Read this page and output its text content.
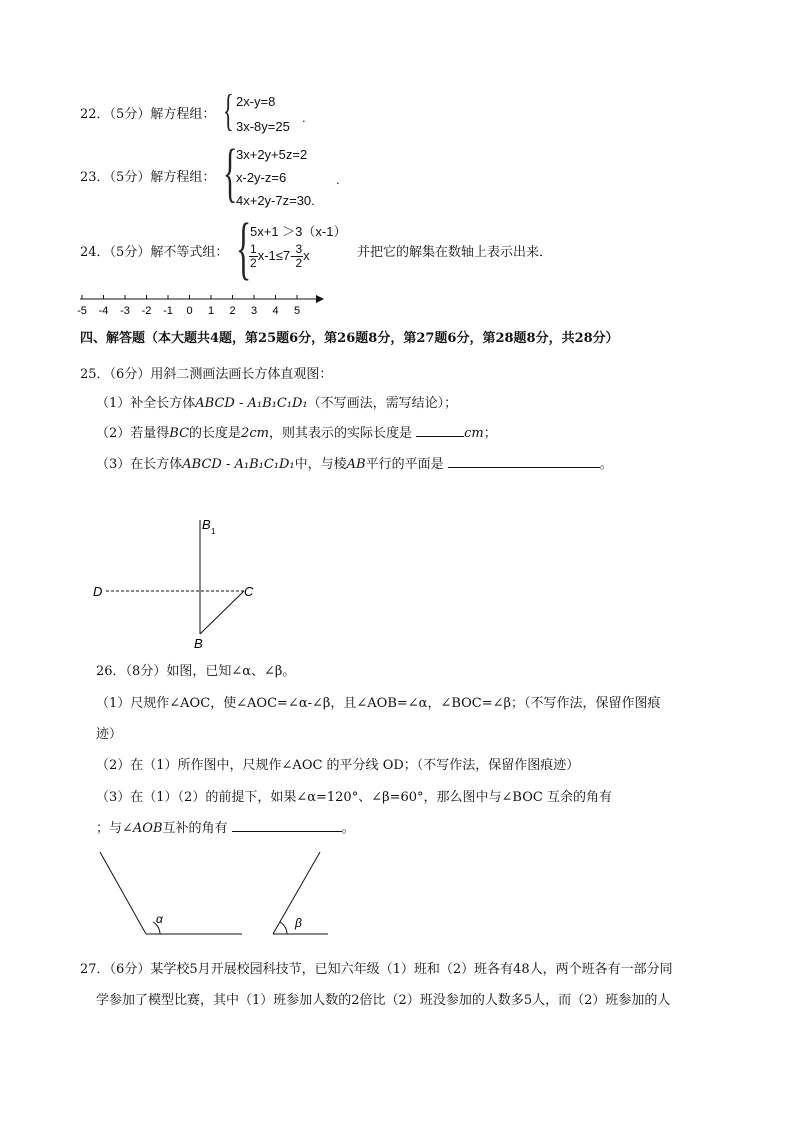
22．（5分）解方程组： { 2x-y=8
3x-8y=25
.
23．（5分）解方程组： {
3x+2y+5z=2
x-2y-z=6
4x+2y-7z=30.
.
24．（5分）解不等式组： {
5x+1 ＞3（x-1）
$\frac{1}{2} x-1\le 7- \frac{3}{2}$ x	并把它的解集在数轴上表示出来．
-5 -4 -3 -2 -1 0 1 2 3 4 5
四、解答题（本大题共4题，第25题6分，第26题8分，第27题6分，第28题8分，共28分）
25．（6分）用斜二测画法画长方体直观图：
（1）补全长方体ABCD - A₁B₁C₁D₁（不写画法，需写结论）；
（2）若量得BC的长度是2cm，则其表示的实际长度是	cm；
（3）在长方体ABCD - A₁B₁C₁D₁中，与棱AB平行的平面是	。
B 1
D	C
B
26．（8分）如图，已知∠α、∠β。
（1）尺规作∠AOC，使∠AOC=∠α-∠β，且∠AOB=∠α，∠BOC=∠β；（不写作法，保留作图痕
迹）
（2）在（1）所作图中，尺规作∠AOC 的平分线 OD；（不写作法，保留作图痕迹）
（3）在（1）（2）的前提下，如果∠α=120°、∠β=60°，那么图中与∠BOC 互余的角有
；与∠AOB互补的角有	。
α	β
27．（6分）某学校5月开展校园科技节，已知六年级（1）班和（2）班各有48人，两个班各有一部分同
学参加了模型比赛，其中（1）班参加人数的2倍比（2）班没参加的人数多5人，而（2）班参加的人
